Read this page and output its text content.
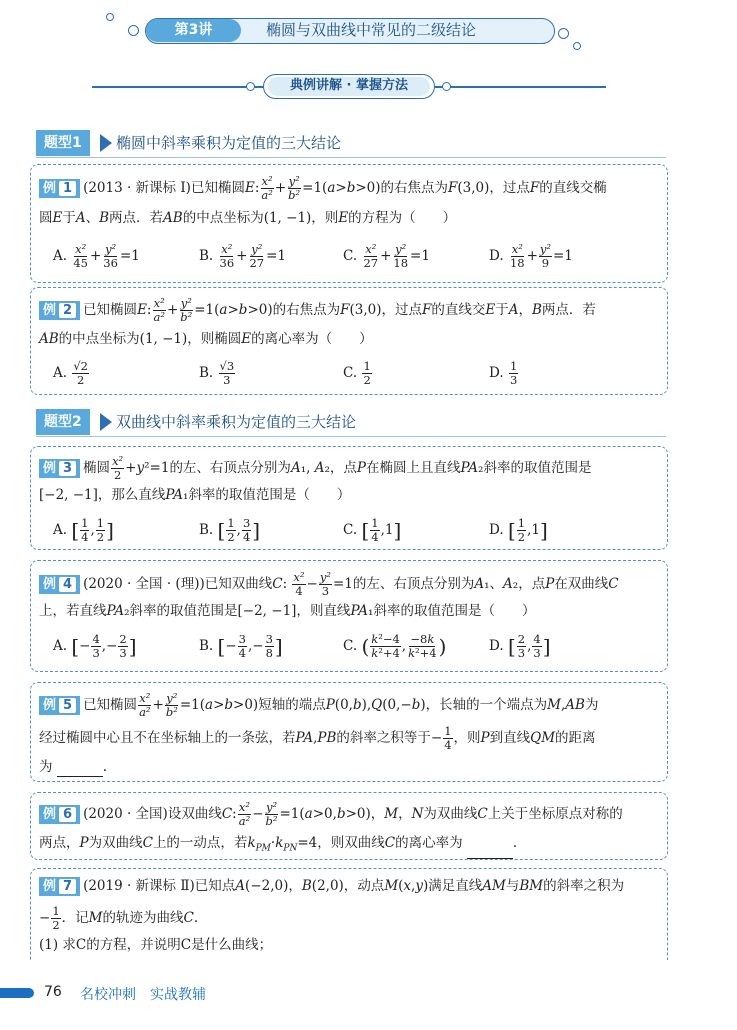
第3讲	椭圆与双曲线中常见的二级结论
典例讲解 · 掌握方法
题型1	椭圆中斜率乘积为定值的三大结论
例 1 (2013 · 新课标 Ⅰ)已知椭圆E: $\frac{\text{x²}}{\text{a²}} + \frac{\text{y²}}{\text{b²}} =1(a>b>0)$的右焦点为F(3,0)，过点F的直线交椭
圆E于A、B两点．若AB的中点坐标为(1, −1)，则E的方程为（　　）
A. $\frac{\text{x²}}{45} + \frac{\text{y²}}{36} =1$	B. $\frac{\text{x²}}{36} + \frac{\text{y²}}{27} =1$	C. $\frac{\text{x²}}{27} + \frac{\text{y²}}{18} =1$	D. $\frac{\text{x²}}{18} + \frac{\text{y²}}{9} =1$
例 2 已知椭圆E: $\frac{\text{x²}}{\text{a²}} + \frac{\text{y²}}{\text{b²}} =1(a>b>0)$的右焦点为F(3,0)，过点F的直线交E于A，B两点．若
AB的中点坐标为(1, −1)，则椭圆E的离心率为（　　）
A. $\frac{√2}{2}$	B. $\frac{√3}{3}$	C. $\frac{1}{2}$	D. $\frac{1}{3}$
题型2	双曲线中斜率乘积为定值的三大结论
例 3 椭圆 $\frac{\text{x²}}{2} +y^2=1$的左、右顶点分别为A₁, A₂，点P在椭圆上且直线PA₂斜率的取值范围是
[−2, −1]，那么直线PA₁斜率的取值范围是（　　）
A. [ $\frac{1}{4}$ , $\frac{1}{2}$ ]	B. [ $\frac{1}{2}$ , $\frac{3}{4}$ ]	C. [ $\frac{1}{4} ,1$]	D. [ $\frac{1}{2} ,1$]
例 4 (2020 · 全国 · (理))已知双曲线C: $\frac{\text{x²}}{4} - \frac{\text{y²}}{3} =1$的左、右顶点分别为A₁、A₂，点P在双曲线C
上，若直线PA₂斜率的取值范围是[−2, −1]，则直线PA₁斜率的取值范围是（　　）
A. [− $\frac{4}{3}$ ,− $\frac{2}{3}$ ]	B. [− $\frac{3}{4}$ ,− $\frac{3}{8}$ ]	C. ( $\frac{\text{k²−4}}{\text{k²+4}}$ , $\frac{-8k}{\text{k²+4}}$ )	D. [ $\frac{2}{3}$ , $\frac{4}{3}$ ]
例 5 已知椭圆 $\frac{\text{x²}}{\text{a²}} + \frac{\text{y²}}{\text{b²}} =1(a>b>0)$短轴的端点P(0,b),Q(0,−b)，长轴的一个端点为M,AB为
经过椭圆中心且不在坐标轴上的一条弦，若PA,PB的斜率之积等于− $\frac{1}{4}$ ，则P到直线QM的距离
为	.
例 6 (2020 · 全国)设双曲线C: $\frac{\text{x²}}{\text{a²}} - \frac{\text{y²}}{\text{b²}} =1(a>0,b>0)$，M，N为双曲线C上关于坐标原点对称的
两点，P为双曲线C上的一动点，若$k_{PM}\cdot k_{PN}=4$，则双曲线C的离心率为	.
例 7 (2019 · 新课标 Ⅱ)已知点A(−2,0)，B(2,0)，动点M(x,y)满足直线AM与BM的斜率之积为
− $\frac{1}{2}$ ．记M的轨迹为曲线C.
(1) 求C的方程，并说明C是什么曲线；
76 名校冲刺　实战教辅
